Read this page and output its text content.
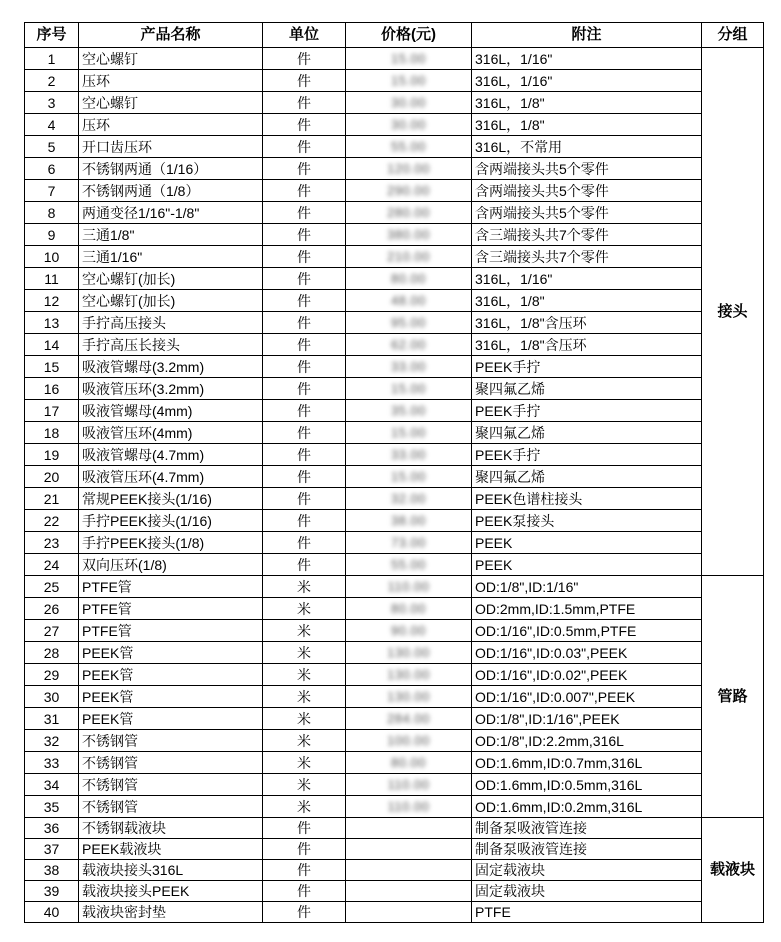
序号	产品名称	单位	价格(元)	附注	分组
1	空心螺钉	件	15.00	316L，1/16"	接头
2	压环	件	15.00	316L，1/16"	
3	空心螺钉	件	30.00	316L，1/8"	
4	压环	件	30.00	316L，1/8"	
5	开口齿压环	件	55.00	316L，不常用	
6	不锈钢两通（1/16）	件	120.00	含两端接头共5个零件	
7	不锈钢两通（1/8）	件	290.00	含两端接头共5个零件	
8	两通变径1/16"-1/8"	件	280.00	含两端接头共5个零件	
9	三通1/8"	件	380.00	含三端接头共7个零件	
10	三通1/16"	件	210.00	含三端接头共7个零件	
11	空心螺钉(加长)	件	80.00	316L，1/16"	
12	空心螺钉(加长)	件	48.00	316L，1/8"	
13	手拧高压接头	件	95.00	316L，1/8"含压环	
14	手拧高压长接头	件	62.00	316L，1/8"含压环	
15	吸液管螺母(3.2mm)	件	33.00	PEEK手拧	
16	吸液管压环(3.2mm)	件	15.00	聚四氟乙烯	
17	吸液管螺母(4mm)	件	35.00	PEEK手拧	
18	吸液管压环(4mm)	件	15.00	聚四氟乙烯	
19	吸液管螺母(4.7mm)	件	33.00	PEEK手拧	
20	吸液管压环(4.7mm)	件	15.00	聚四氟乙烯	
21	常规PEEK接头(1/16)	件	32.00	PEEK色谱柱接头	
22	手拧PEEK接头(1/16)	件	38.00	PEEK泵接头	
23	手拧PEEK接头(1/8)	件	73.00	PEEK	
24	双向压环(1/8)	件	55.00	PEEK	
25	PTFE管	米	110.00	OD:1/8",ID:1/16"	管路
26	PTFE管	米	80.00	OD:2mm,ID:1.5mm,PTFE	
27	PTFE管	米	90.00	OD:1/16",ID:0.5mm,PTFE	
28	PEEK管	米	130.00	OD:1/16",ID:0.03",PEEK	
29	PEEK管	米	130.00	OD:1/16",ID:0.02",PEEK	
30	PEEK管	米	130.00	OD:1/16",ID:0.007",PEEK	
31	PEEK管	米	284.00	OD:1/8",ID:1/16",PEEK	
32	不锈钢管	米	100.00	OD:1/8",ID:2.2mm,316L	
33	不锈钢管	米	80.00	OD:1.6mm,ID:0.7mm,316L	
34	不锈钢管	米	110.00	OD:1.6mm,ID:0.5mm,316L	
35	不锈钢管	米	110.00	OD:1.6mm,ID:0.2mm,316L	
36	不锈钢载液块	件		制备泵吸液管连接	载液块
37	PEEK载液块	件		制备泵吸液管连接	
38	载液块接头316L	件		固定载液块	
39	载液块接头PEEK	件		固定载液块	
40	载液块密封垫	件		PTFE	
